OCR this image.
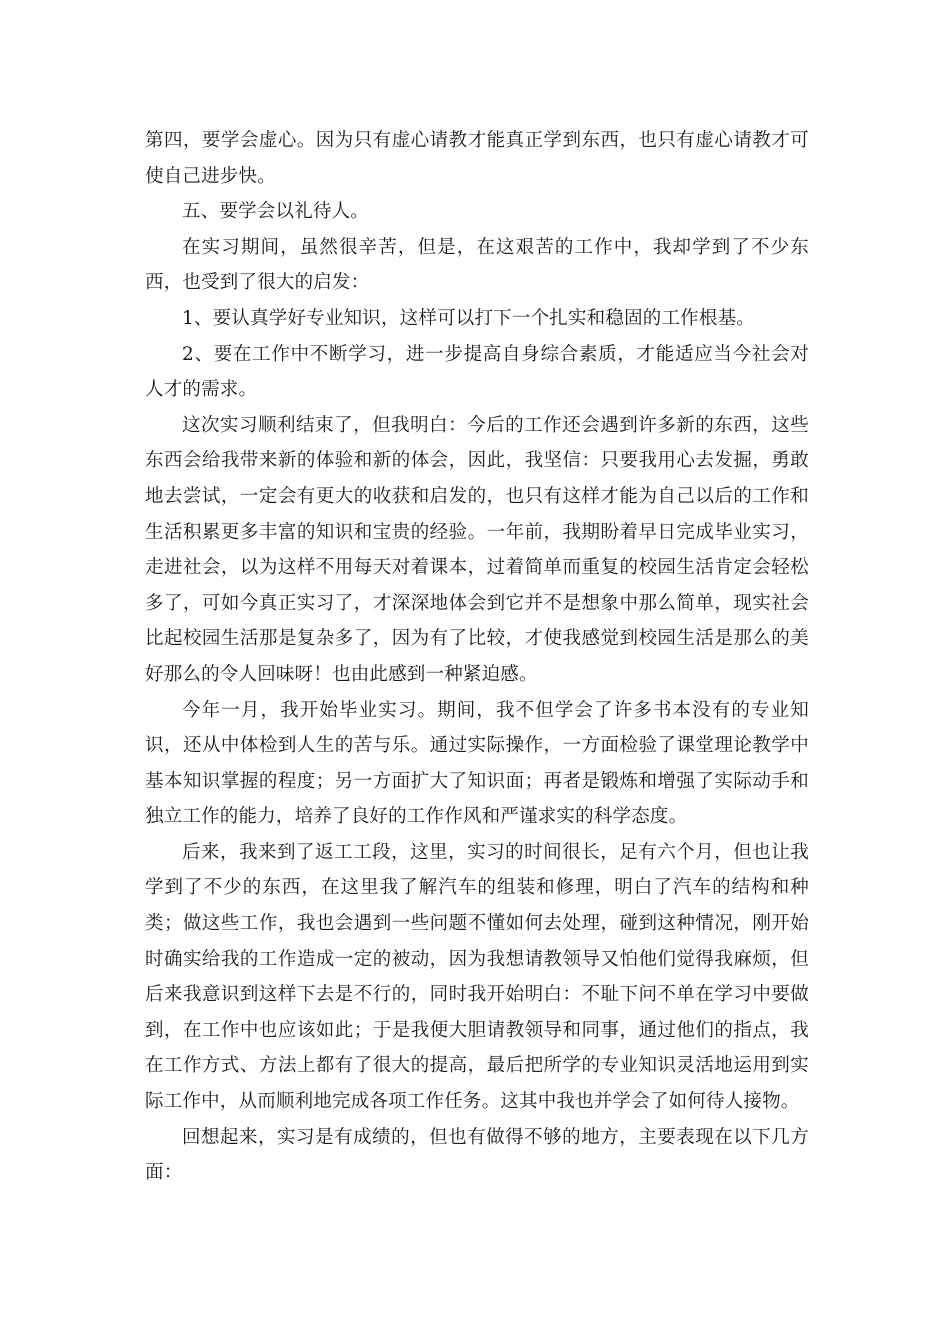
第四，要学会虚心。因为只有虚心请教才能真正学到东西，也只有虚心请教才可使自己进步快。

五、要学会以礼待人。

在实习期间，虽然很辛苦，但是，在这艰苦的工作中，我却学到了不少东西，也受到了很大的启发：

1、要认真学好专业知识，这样可以打下一个扎实和稳固的工作根基。

2、要在工作中不断学习，进一步提高自身综合素质，才能适应当今社会对人才的需求。

这次实习顺利结束了，但我明白：今后的工作还会遇到许多新的东西，这些东西会给我带来新的体验和新的体会，因此，我坚信：只要我用心去发掘，勇敢地去尝试，一定会有更大的收获和启发的，也只有这样才能为自己以后的工作和生活积累更多丰富的知识和宝贵的经验。一年前，我期盼着早日完成毕业实习，走进社会，以为这样不用每天对着课本，过着简单而重复的校园生活肯定会轻松多了，可如今真正实习了，才深深地体会到它并不是想象中那么简单，现实社会比起校园生活那是复杂多了，因为有了比较，才使我感觉到校园生活是那么的美好那么的令人回味呀！也由此感到一种紧迫感。

今年一月，我开始毕业实习。期间，我不但学会了许多书本没有的专业知识，还从中体检到人生的苦与乐。通过实际操作，一方面检验了课堂理论教学中基本知识掌握的程度；另一方面扩大了知识面；再者是锻炼和增强了实际动手和独立工作的能力，培养了良好的工作作风和严谨求实的科学态度。

后来，我来到了返工工段，这里，实习的时间很长，足有六个月，但也让我学到了不少的东西，在这里我了解汽车的组装和修理，明白了汽车的结构和种类；做这些工作，我也会遇到一些问题不懂如何去处理，碰到这种情况，刚开始时确实给我的工作造成一定的被动，因为我想请教领导又怕他们觉得我麻烦，但后来我意识到这样下去是不行的，同时我开始明白：不耻下问不单在学习中要做到，在工作中也应该如此；于是我便大胆请教领导和同事，通过他们的指点，我在工作方式、方法上都有了很大的提高，最后把所学的专业知识灵活地运用到实际工作中，从而顺利地完成各项工作任务。这其中我也并学会了如何待人接物。

回想起来，实习是有成绩的，但也有做得不够的地方，主要表现在以下几方面：
